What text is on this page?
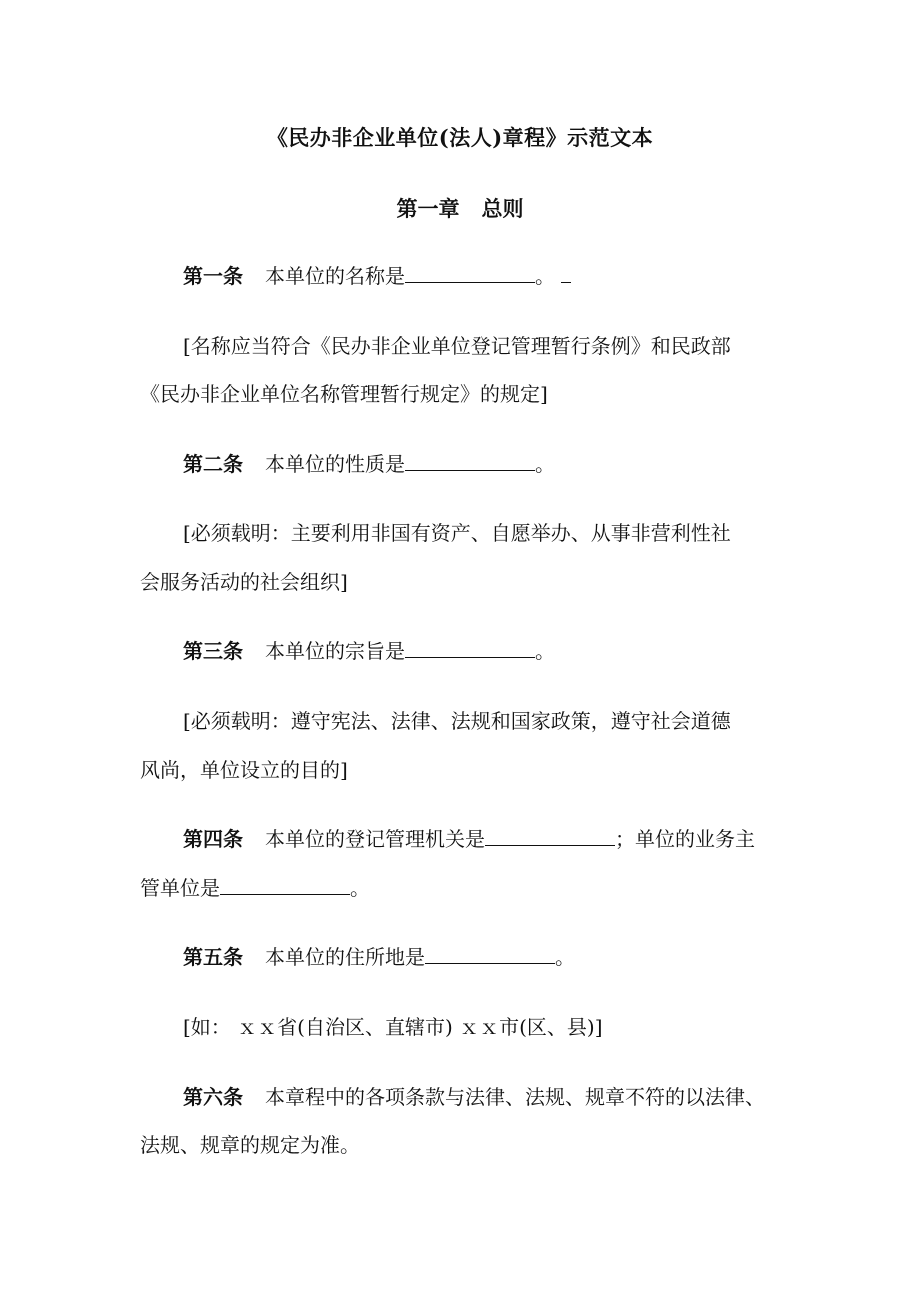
《民办非企业单位(法人)章程》示范文本
第一章 总则
第一条 本单位的名称是	。
[名称应当符合《民办非企业单位登记管理暂行条例》和民政部
《民办非企业单位名称管理暂行规定》的规定]
第二条 本单位的性质是	。
[必须载明：主要利用非国有资产、自愿举办、从事非营利性社
会服务活动的社会组织]
第三条 本单位的宗旨是	。
[必须载明：遵守宪法、法律、法规和国家政策，遵守社会道德
风尚，单位设立的目的]
第四条 本单位的登记管理机关是	；单位的业务主
管单位是	。
第五条 本单位的住所地是	。
[如： ｘｘ省(自治区、直辖市) ｘｘ市(区、县)]
第六条 本章程中的各项条款与法律、法规、规章不符的以法律、
法规、规章的规定为准。
